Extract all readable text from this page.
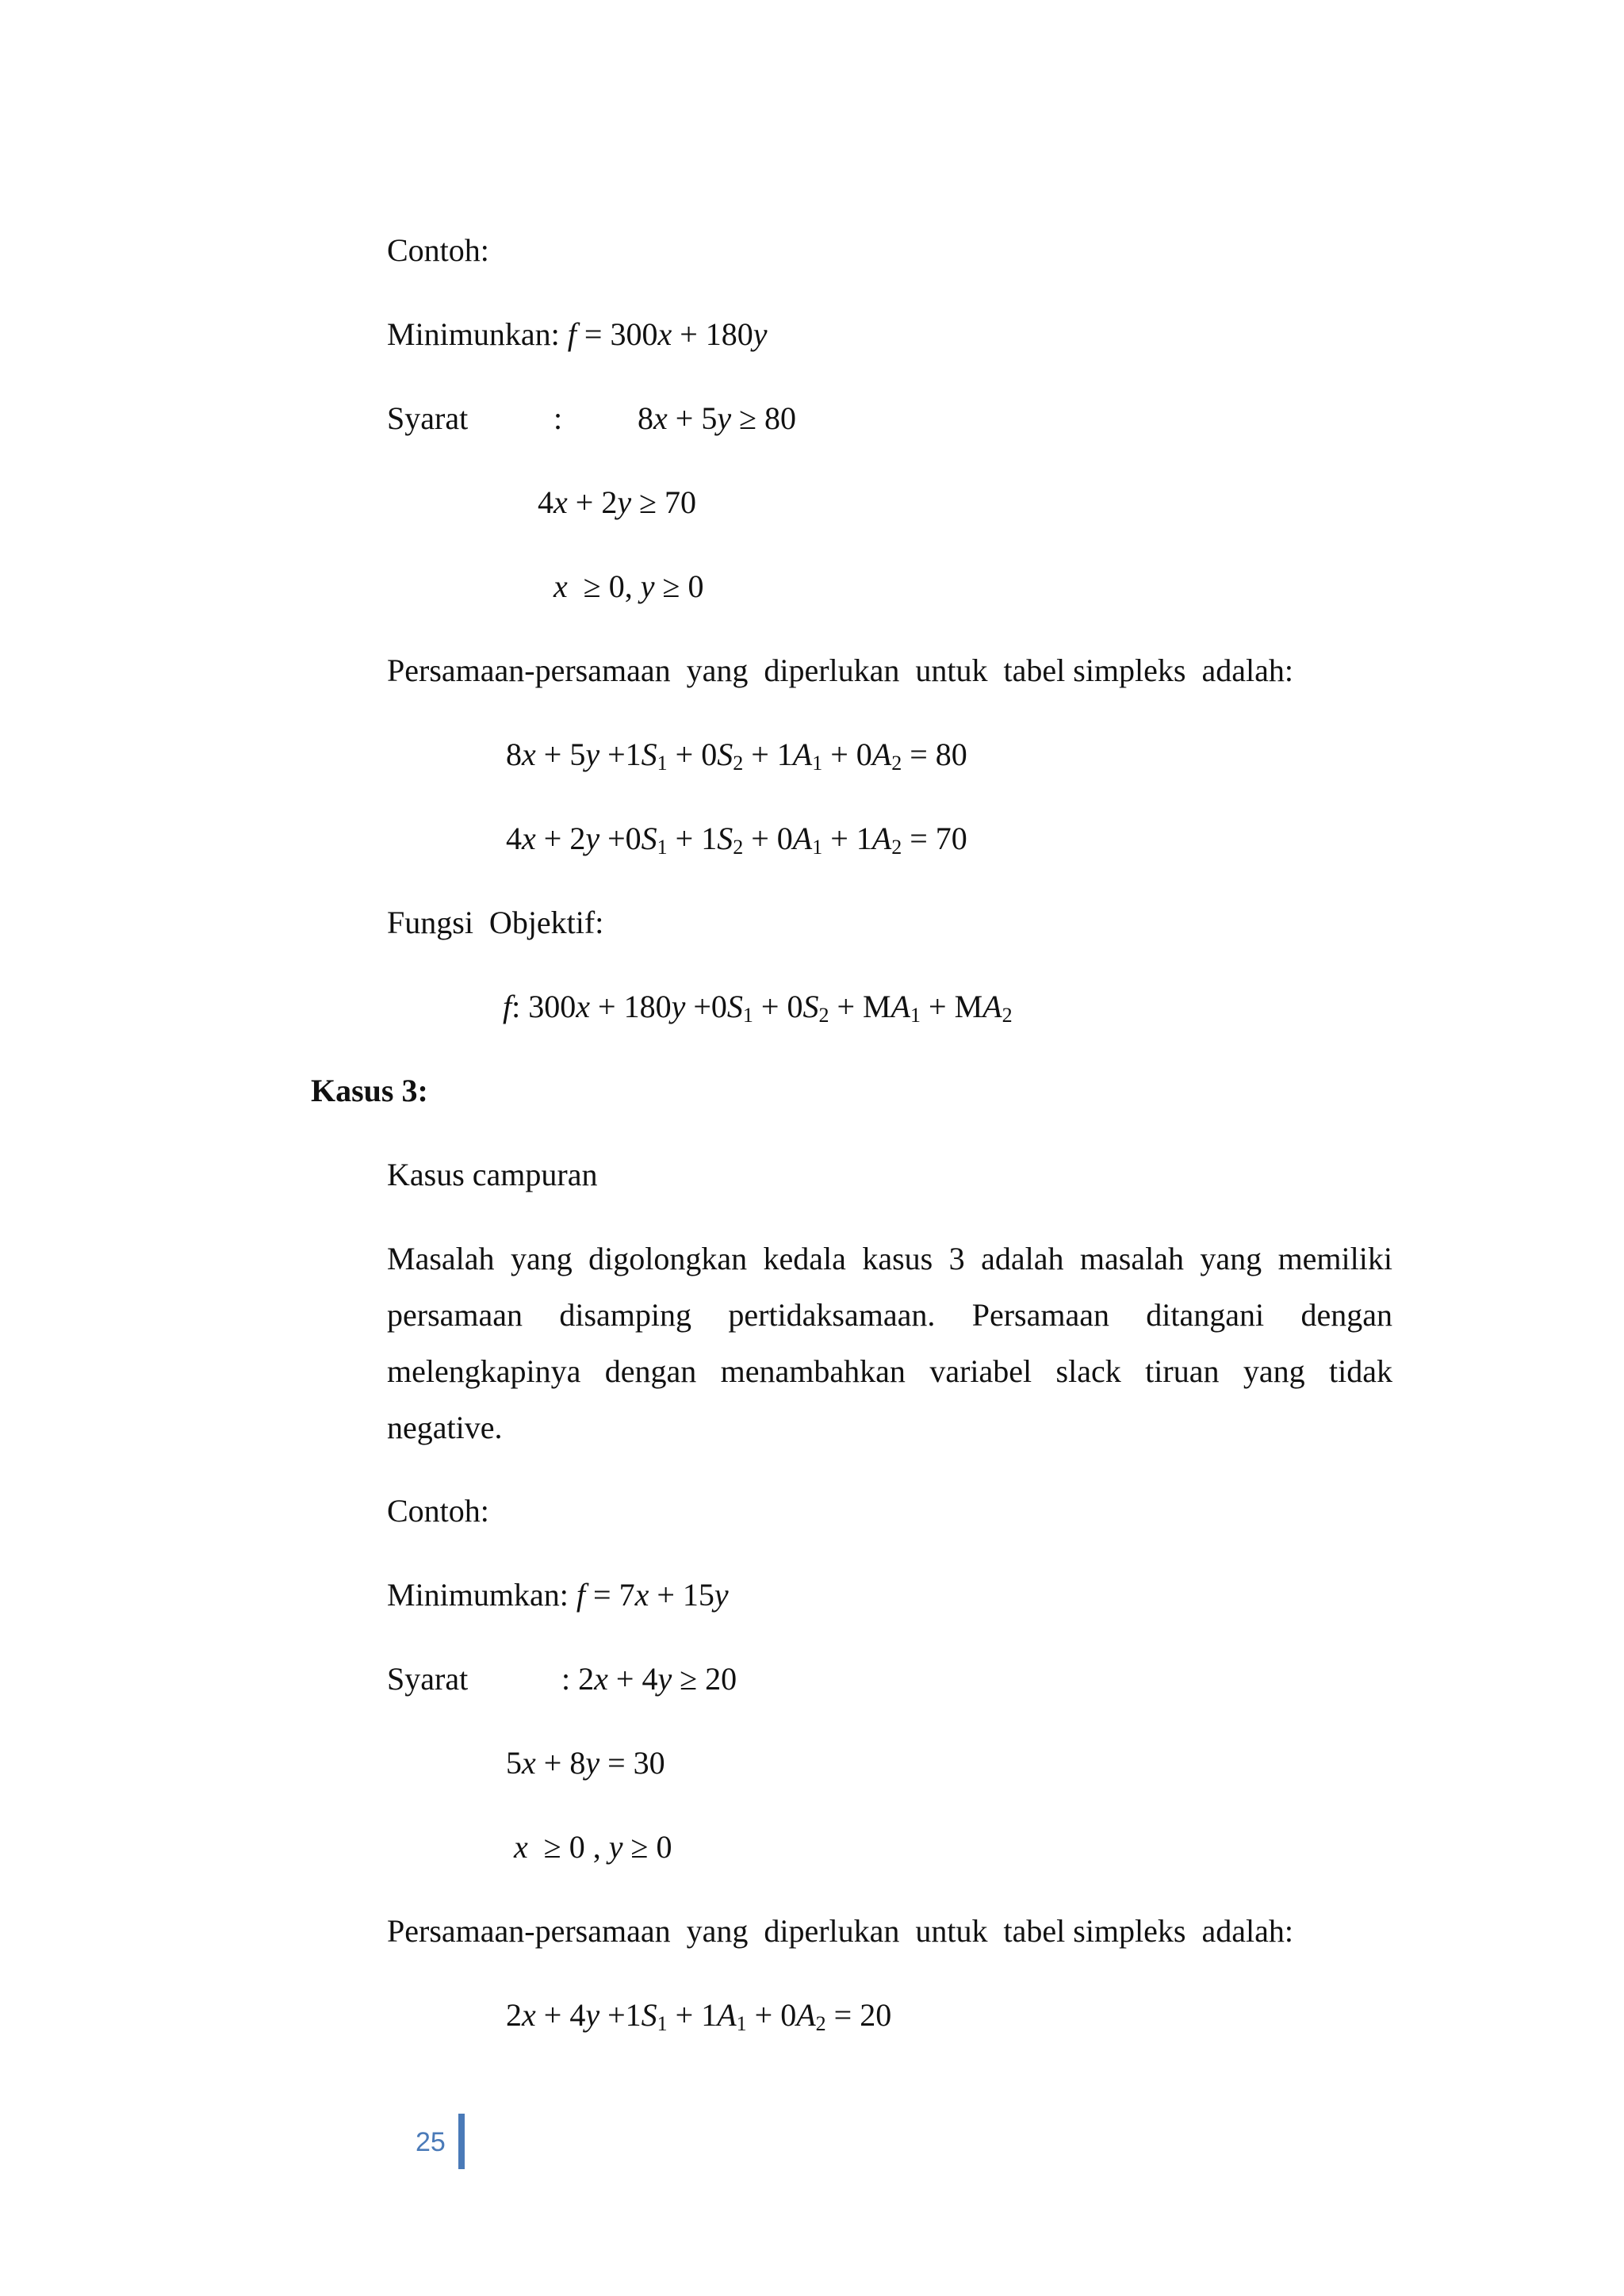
Contoh:
Minimunkan: f = 300x + 180y
Syarat	: 8x + 5y ≥ 80
4x + 2y ≥ 70
x  ≥ 0, y ≥ 0
Persamaan-persamaan  yang  diperlukan  untuk  tabel simpleks  adalah:
$8x + 5y +1S_1 + 0S_2 + 1A_1 + 0A_2 = 80$
$4x + 2y +0S_1 + 1S_2 + 0A_1 + 1A_2 = 70$
Fungsi  Objektif:
f: $300x + 180y +0S_1 + 0S_2 + MA_1 + MA_2$
Kasus 3:
Kasus campuran
Masalah yang digolongkan kedala kasus 3 adalah masalah yang memiliki persamaan disamping pertidaksamaan. Persamaan ditangani dengan melengkapinya dengan menambahkan variabel slack tiruan yang tidak negative.
Contoh:
Minimumkan: f = 7x + 15y
Syarat	: 2x + 4y ≥ 20
5x + 8y = 30
x  ≥ 0 , y ≥ 0
Persamaan-persamaan  yang  diperlukan  untuk  tabel simpleks  adalah:
$2x + 4y +1S_1 + 1A_1 + 0A_2 = 20$
25
